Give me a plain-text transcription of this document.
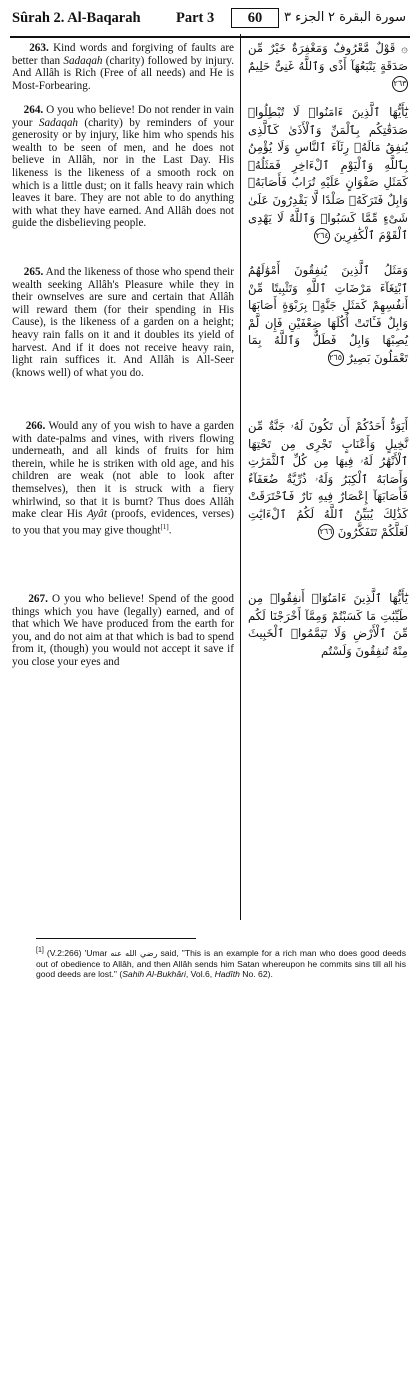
Sûrah 2. Al-Baqarah Part 3	60	الجزء ٣ سورة البقرة ٢
263. Kind words and forgiving of faults are better than Sadaqah (charity) followed by injury. And Allâh is Rich (Free of all needs) and He is Most-Forbearing.
۞ قَوْلٌ مَّعْرُوفٌ وَمَغْفِرَةٌ خَيْرٌ مِّن صَدَقَةٍ يَتْبَعُهَآ أَذًى وَٱللَّهُ غَنِىٌّ حَلِيمٌ ٢٦٣
264. O you who believe! Do not render in vain your Sadaqah (charity) by reminders of your generosity or by injury, like him who spends his wealth to be seen of men, and he does not believe in Allâh, nor in the Last Day. His likeness is the likeness of a smooth rock on which is a little dust; on it falls heavy rain which leaves it bare. They are not able to do anything with what they have earned. And Allâh does not guide the disbelieving people.
يَٰٓأَيُّهَا ٱلَّذِينَ ءَامَنُوا۟ لَا تُبْطِلُوا۟ صَدَقَٰتِكُم بِٱلْمَنِّ وَٱلْأَذَىٰ كَٱلَّذِى يُنفِقُ مَالَهُۥ رِئَآءَ ٱلنَّاسِ وَلَا يُؤْمِنُ بِٱللَّهِ وَٱلْيَوْمِ ٱلْءَاخِرِ فَمَثَلُهُۥ كَمَثَلِ صَفْوَانٍ عَلَيْهِ تُرَابٌ فَأَصَابَهُۥ وَابِلٌ فَتَرَكَهُۥ صَلْدًا لَّا يَقْدِرُونَ عَلَىٰ شَىْءٍ مِّمَّا كَسَبُوا۟ وَٱللَّهُ لَا يَهْدِى ٱلْقَوْمَ ٱلْكَٰفِرِينَ ٢٦٤
265. And the likeness of those who spend their wealth seeking Allâh's Pleasure while they in their ownselves are sure and certain that Allâh will reward them (for their spending in His Cause), is the likeness of a garden on a height; heavy rain falls on it and it doubles its yield of harvest. And if it does not receive heavy rain, light rain suffices it. And Allâh is All-Seer (knows well) of what you do.
وَمَثَلُ ٱلَّذِينَ يُنفِقُونَ أَمْوَٰلَهُمُ ٱبْتِغَآءَ مَرْضَاتِ ٱللَّهِ وَتَثْبِيتًا مِّنْ أَنفُسِهِمْ كَمَثَلِ جَنَّةٍۭ بِرَبْوَةٍ أَصَابَهَا وَابِلٌ فَـَٔاتَتْ أُكُلَهَا ضِعْفَيْنِ فَإِن لَّمْ يُصِبْهَا وَابِلٌ فَطَلٌّ وَٱللَّهُ بِمَا تَعْمَلُونَ بَصِيرٌ ٢٦٥
266. Would any of you wish to have a garden with date-palms and vines, with rivers flowing underneath, and all kinds of fruits for him therein, while he is striken with old age, and his children are weak (not able to look after themselves), then it is struck with a fiery whirlwind, so that it is burnt? Thus does Allâh make clear His Ayât (proofs, evidences, verses) to you that you may give thought[1].
أَيَوَدُّ أَحَدُكُمْ أَن تَكُونَ لَهُۥ جَنَّةٌ مِّن نَّخِيلٍ وَأَعْنَابٍ تَجْرِى مِن تَحْتِهَا ٱلْأَنْهَٰرُ لَهُۥ فِيهَا مِن كُلِّ ٱلثَّمَرَٰتِ وَأَصَابَهُ ٱلْكِبَرُ وَلَهُۥ ذُرِّيَّةٌ ضُعَفَآءُ فَأَصَابَهَآ إِعْصَارٌ فِيهِ نَارٌ فَٱحْتَرَقَتْ كَذَٰلِكَ يُبَيِّنُ ٱللَّهُ لَكُمُ ٱلْءَايَٰتِ لَعَلَّكُمْ تَتَفَكَّرُونَ ٢٦٦
267. O you who believe! Spend of the good things which you have (legally) earned, and of that which We have produced from the earth for you, and do not aim at that which is bad to spend from it, (though) you would not accept it save if you close your eyes and
يَٰٓأَيُّهَا ٱلَّذِينَ ءَامَنُوٓا۟ أَنفِقُوا۟ مِن طَيِّبَٰتِ مَا كَسَبْتُمْ وَمِمَّآ أَخْرَجْنَا لَكُم مِّنَ ٱلْأَرْضِ وَلَا تَيَمَّمُوا۟ ٱلْخَبِيثَ مِنْهُ تُنفِقُونَ وَلَسْتُم
[1] (V.2:266) 'Umar رضي الله عنه said, "This is an example for a rich man who does good deeds out of obedience to Allâh, and then Allâh sends him Satan whereupon he commits sins till all his good deeds are lost." (Sahih Al-Bukhâri, Vol.6, Hadîth No. 62).
